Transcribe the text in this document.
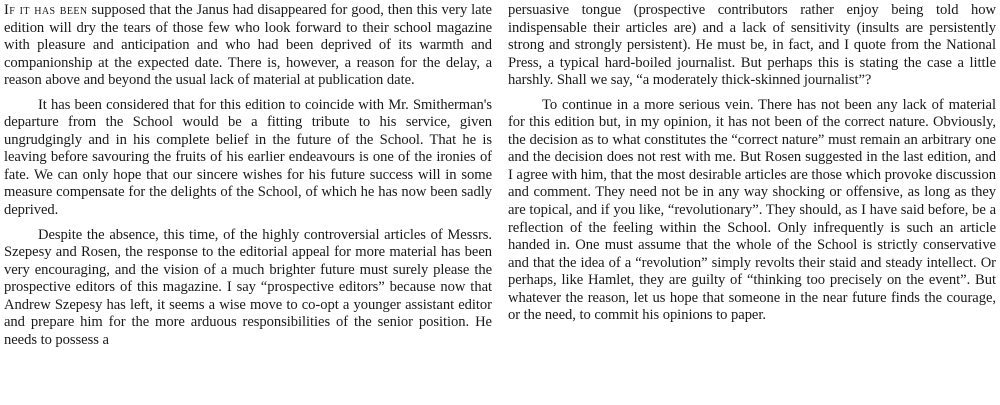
If it has been supposed that the Janus had disappeared for good, then this very late edition will dry the tears of those few who look forward to their school magazine with pleasure and anticipation and who had been deprived of its warmth and companionship at the expected date. There is, however, a reason for the delay, a reason above and beyond the usual lack of material at publication date.

It has been considered that for this edition to coincide with Mr. Smitherman's departure from the School would be a fitting tribute to his service, given ungrudgingly and in his complete belief in the future of the School. That he is leaving before savouring the fruits of his earlier endeavours is one of the ironies of fate. We can only hope that our sincere wishes for his future success will in some measure compensate for the delights of the School, of which he has now been sadly deprived.

Despite the absence, this time, of the highly controversial articles of Messrs. Szepesy and Rosen, the response to the editorial appeal for more material has been very encouraging, and the vision of a much brighter future must surely please the prospective editors of this magazine. I say “prospective editors” because now that Andrew Szepesy has left, it seems a wise move to co-opt a younger assistant editor and prepare him for the more arduous responsibilities of the senior position. He needs to possess a

persuasive tongue (prospective contributors rather enjoy being told how indispensable their articles are) and a lack of sensitivity (insults are persistently strong and strongly persistent). He must be, in fact, and I quote from the National Press, a typical hard-boiled journalist. But perhaps this is stating the case a little harshly. Shall we say, “a moderately thick-skinned journalist”?

To continue in a more serious vein. There has not been any lack of material for this edition but, in my opinion, it has not been of the correct nature. Obviously, the decision as to what constitutes the “correct nature” must remain an arbitrary one and the decision does not rest with me. But Rosen suggested in the last edition, and I agree with him, that the most desirable articles are those which provoke discussion and comment. They need not be in any way shocking or offensive, as long as they are topical, and if you like, “revolutionary”. They should, as I have said before, be a reflection of the feeling within the School. Only infrequently is such an article handed in. One must assume that the whole of the School is strictly conservative and that the idea of a “revolution” simply revolts their staid and steady intellect. Or perhaps, like Hamlet, they are guilty of “thinking too precisely on the event”. But whatever the reason, let us hope that someone in the near future finds the courage, or the need, to commit his opinions to paper.
